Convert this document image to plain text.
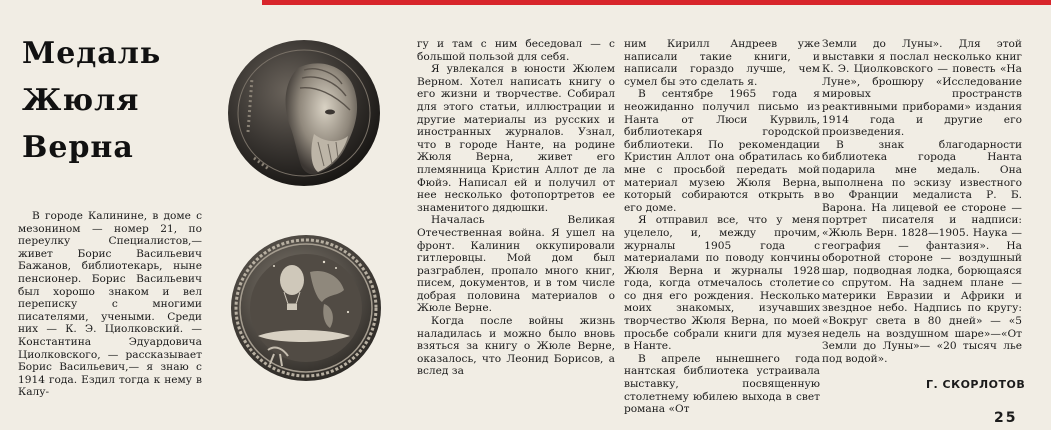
Медаль
Жюля
Верна

В городе Калинине, в доме с мезонином — номер 21, по переулку Специалистов,— живет Борис Васильевич Бажанов, библиотекарь, ныне пенсионер. Борис Васильевич был хорошо знаком и вел переписку с многими писателями, учеными. Среди них — К. Э. Циолковский. — Константина Эдуардовича Циолковского, — рассказывает Борис Васильевич,— я знаю с 1914 года. Ездил тогда к нему в Калу-

гу и там с ним беседовал — с большой пользой для себя.

Я увлекался в юности Жюлем Верном. Хотел написать книгу о его жизни и творчестве. Собирал для этого статьи, иллюстрации и другие материалы из русских и иностранных журналов. Узнал, что в городе Нанте, на родине Жюля Верна, живет его племянница Кристин Аллот де ла Фюйэ. Написал ей и получил от нее несколько фотопортретов ее знаменитого дядюшки.

Началась Великая Отечественная война. Я ушел на фронт. Калинин оккупировали гитлеровцы. Мой дом был разграблен, пропало много книг, писем, документов, и в том числе добрая половина материалов о Жюле Верне.

Когда после войны жизнь наладилась и можно было вновь взяться за книгу о Жюле Верне, оказалось, что Леонид Борисов, а вслед за

ним Кирилл Андреев уже написали такие книги, и написали гораздо лучше, чем сумел бы это сделать я.

В сентябре 1965 года я неожиданно получил письмо из Нанта от Люси Курвиль, библиотекаря городской библиотеки. По рекомендации Кристин Аллот она обратилась ко мне с просьбой передать мой материал музею Жюля Верна, который собираются открыть в его доме.

Я отправил все, что у меня уцелело, и, между прочим, журналы 1905 года с материалами по поводу кончины Жюля Верна и журналы 1928 года, когда отмечалось столетие со дня его рождения. Несколько моих знакомых, изучавших творчество Жюля Верна, по моей просьбе собрали книги для музея в Нанте.

В апреле нынешнего года нантская библиотека устраивала выставку, посвященную столетнему юбилею выхода в свет романа «От

Земли до Луны». Для этой выставки я послал несколько книг К. Э. Циолковского — повесть «На Луне», брошюру «Исследование мировых пространств реактивными приборами» издания 1914 года и другие его произведения.

В знак благодарности библиотека города Нанта подарила мне медаль. Она выполнена по эскизу известного во Франции медалиста Р. Б. Варона. На лицевой ее стороне — портрет писателя и надписи: «Жюль Верн. 1828—1905. Наука — география — фантазия». На оборотной стороне — воздушный шар, подводная лодка, борющаяся со спрутом. На заднем плане — материки Евразии и Африки и звездное небо. Надпись по кругу: «Вокруг света в 80 дней» — «5 недель на воздушном шаре»—«От Земли до Луны»— «20 тысяч лье под водой».

Г. СКОРЛОТОВ
25
